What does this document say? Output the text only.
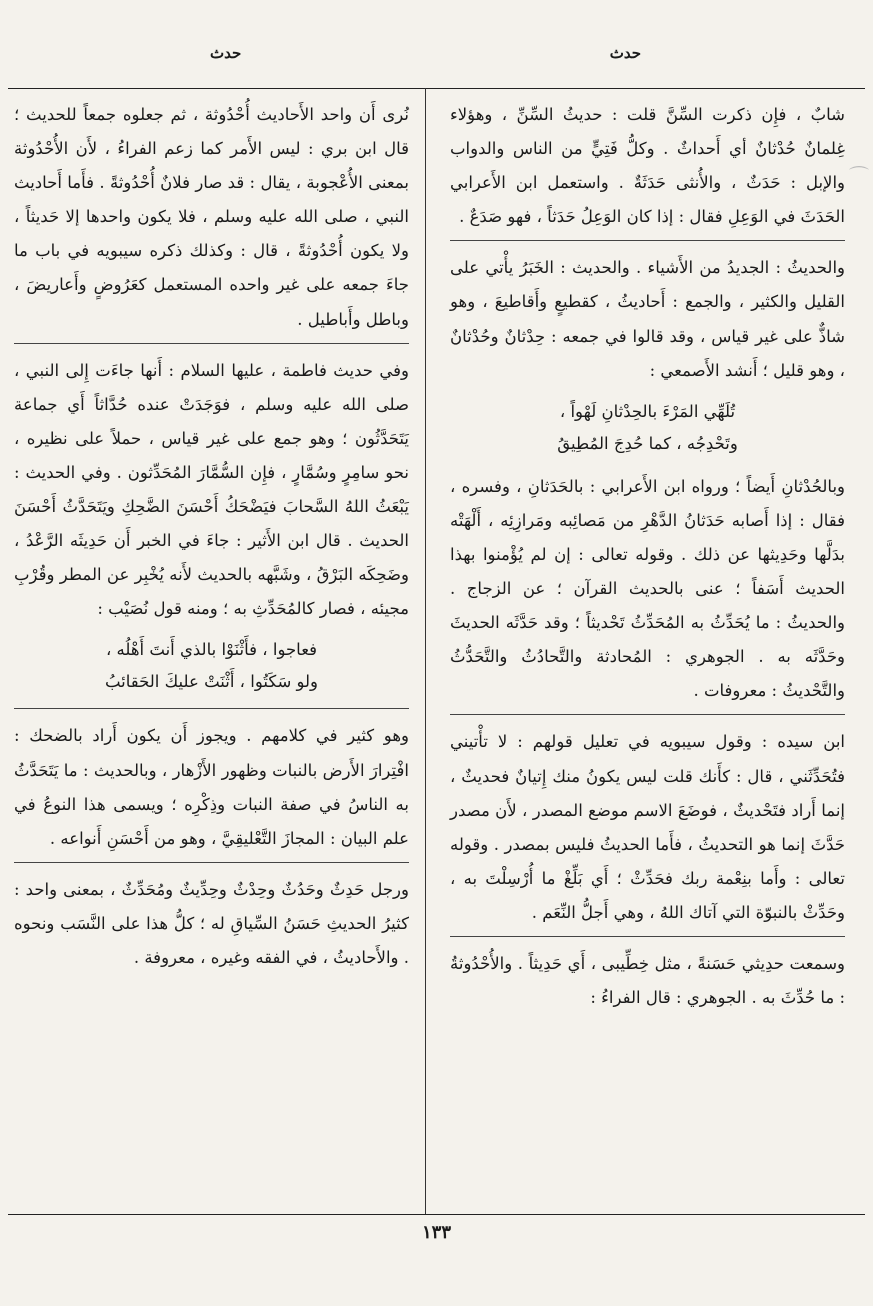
حدث
حدث
⌒

شابٌ ، فإِن ذكرت السِّنَّ قلت : حديثُ السِّنِّ ، وهؤلاء غِلمانٌ حُدْثانٌ أي أَحداثٌ . وكلُّ فَتِيٍّ من الناس والدواب والإبل : حَدَثٌ ، والأُنثى حَدَثَةٌ . واستعمل ابن الأَعرابي الحَدَثَ في الوَعِلِ فقال : إذا كان الوَعِلُ حَدَثاً ، فهو صَدَعٌ .

والحديثُ : الجديدُ من الأَشياء . والحديث : الخَبَرُ يأْتي على القليل والكثير ، والجمع : أَحاديثُ ، كقطيعٍ وأَقاطيعَ ، وهو شاذٌّ على غير قياس ، وقد قالوا في جمعه : حِدْثانٌ وحُدْثانٌ ، وهو قليل ؛ أَنشد الأَصمعي :

تُلَهِّي المَرْءَ بالحِدْثانِ لَهْواً ،
وتَحْدِجُه ، كما حُدِجَ المُطِيقُ

وبالحُدْثانِ أَيضاً ؛ ورواه ابن الأَعرابي : بالحَدَثانِ ، وفسره ، فقال : إذا أَصابه حَدَثانُ الدَّهْرِ من مَصائِبه ومَرازِئِه ، أَلْهَتْه بدَلَّها وحَدِيثها عن ذلك . وقوله تعالى : إن لم يُؤْمنوا بهذا الحديث أَسَفاً ؛ عنى بالحديث القرآن ؛ عن الزجاج . والحديثُ : ما يُحَدِّثُ به المُحَدِّثُ تَحْديثاً ؛ وقد حَدَّثَه الحديثَ وحَدَّثَه به . الجوهري : المُحادثة والتَّحادُثُ والتَّحَدُّثُ والتَّحْديثُ : معروفات .

ابن سيده : وقول سيبويه في تعليل قولهم : لا تأْتيني فتُحَدِّثَني ، قال : كأَنك قلت ليس يكونُ منك إِتيانٌ فحديثٌ ، إنما أَراد فتَحْديثٌ ، فوضَعَ الاسم موضع المصدر ، لأَن مصدر حَدَّثَ إنما هو التحديثُ ، فأَما الحديثُ فليس بمصدر . وقوله تعالى : وأَما بنِعْمة ربك فحَدِّثْ ؛ أَي بَلِّغْ ما أُرْسِلْتَ به ، وحَدِّثْ بالنبوّة التي آتاك اللهُ ، وهي أَجلُّ النِّعَم .

وسمعت حدِيثي حَسَنةً ، مثل خِطِّيبى ، أَي حَدِيثاً . والأُحْدُوثةُ : ما حُدِّثَ به . الجوهري : قال الفراءُ :

نُرى أَن واحد الأَحاديث أُحْدُوثة ، ثم جعلوه جمعاً للحديث ؛ قال ابن بري : ليس الأَمر كما زعم الفراءُ ، لأَن الأُحْدُوثة بمعنى الأُعْجوبة ، يقال : قد صار فلانٌ أُحْدُوثةً . فأَما أَحاديث النبي ، صلى الله عليه وسلم ، فلا يكون واحدها إلا حَديثاً ، ولا يكون أُحْدُوثةً ، قال : وكذلك ذكره سيبويه في باب ما جاءَ جمعه على غير واحده المستعمل كعَرُوضٍ وأَعاريضَ ، وباطل وأَباطيل .

وفي حديث فاطمة ، عليها السلام : أَنها جاءَت إِلى النبي ، صلى الله عليه وسلم ، فوَجَدَتْ عنده حُدَّاثاً أَي جماعة يَتَحَدَّثُون ؛ وهو جمع على غير قياس ، حملاً على نظيره ، نحو سامِرٍ وسُمَّارٍ ، فإِن السُّمَّارَ المُحَدِّثون . وفي الحديث : يَبْعَثُ اللهُ السَّحابَ فيَضْحَكُ أَحْسَنَ الضَّحِكِ ويَتَحَدَّثُ أَحْسَنَ الحديث . قال ابن الأَثير : جاءَ في الخبر أَن حَدِيثَه الرَّعْدُ ، وضَحِكَه البَرْقُ ، وشَبَّهه بالحديث لأَنه يُخْبِر عن المطر وقُرْبِ مجيئه ، فصار كالمُحَدِّثِ به ؛ ومنه قول نُصَيْب :

فعاجوا ، فأَثْنَوْا بالذي أَنتَ أَهْلُه ،
ولو سَكَتُوا ، أَثْنَتْ عليكَ الحَقائبُ

وهو كثير في كلامهم . ويجوز أَن يكون أَراد بالضحك : افْتِرارَ الأَرض بالنبات وظهور الأَزْهار ، وبالحديث : ما يَتَحَدَّثُ به الناسُ في صفة النبات وذِكْرِه ؛ ويسمى هذا النوعُ في علم البيان : المجازَ التَّعْليقِيَّ ، وهو من أَحْسَنِ أَنواعه .

ورجل حَدِثٌ وحَدُثٌ وحِدْثٌ وحِدِّيثٌ ومُحَدِّثٌ ، بمعنى واحد : كثيرُ الحديثِ حَسَنُ السِّياقِ له ؛ كلُّ هذا على النَّسَب ونحوه . والأَحاديثُ ، في الفقه وغيره ، معروفة .

١٣٣
